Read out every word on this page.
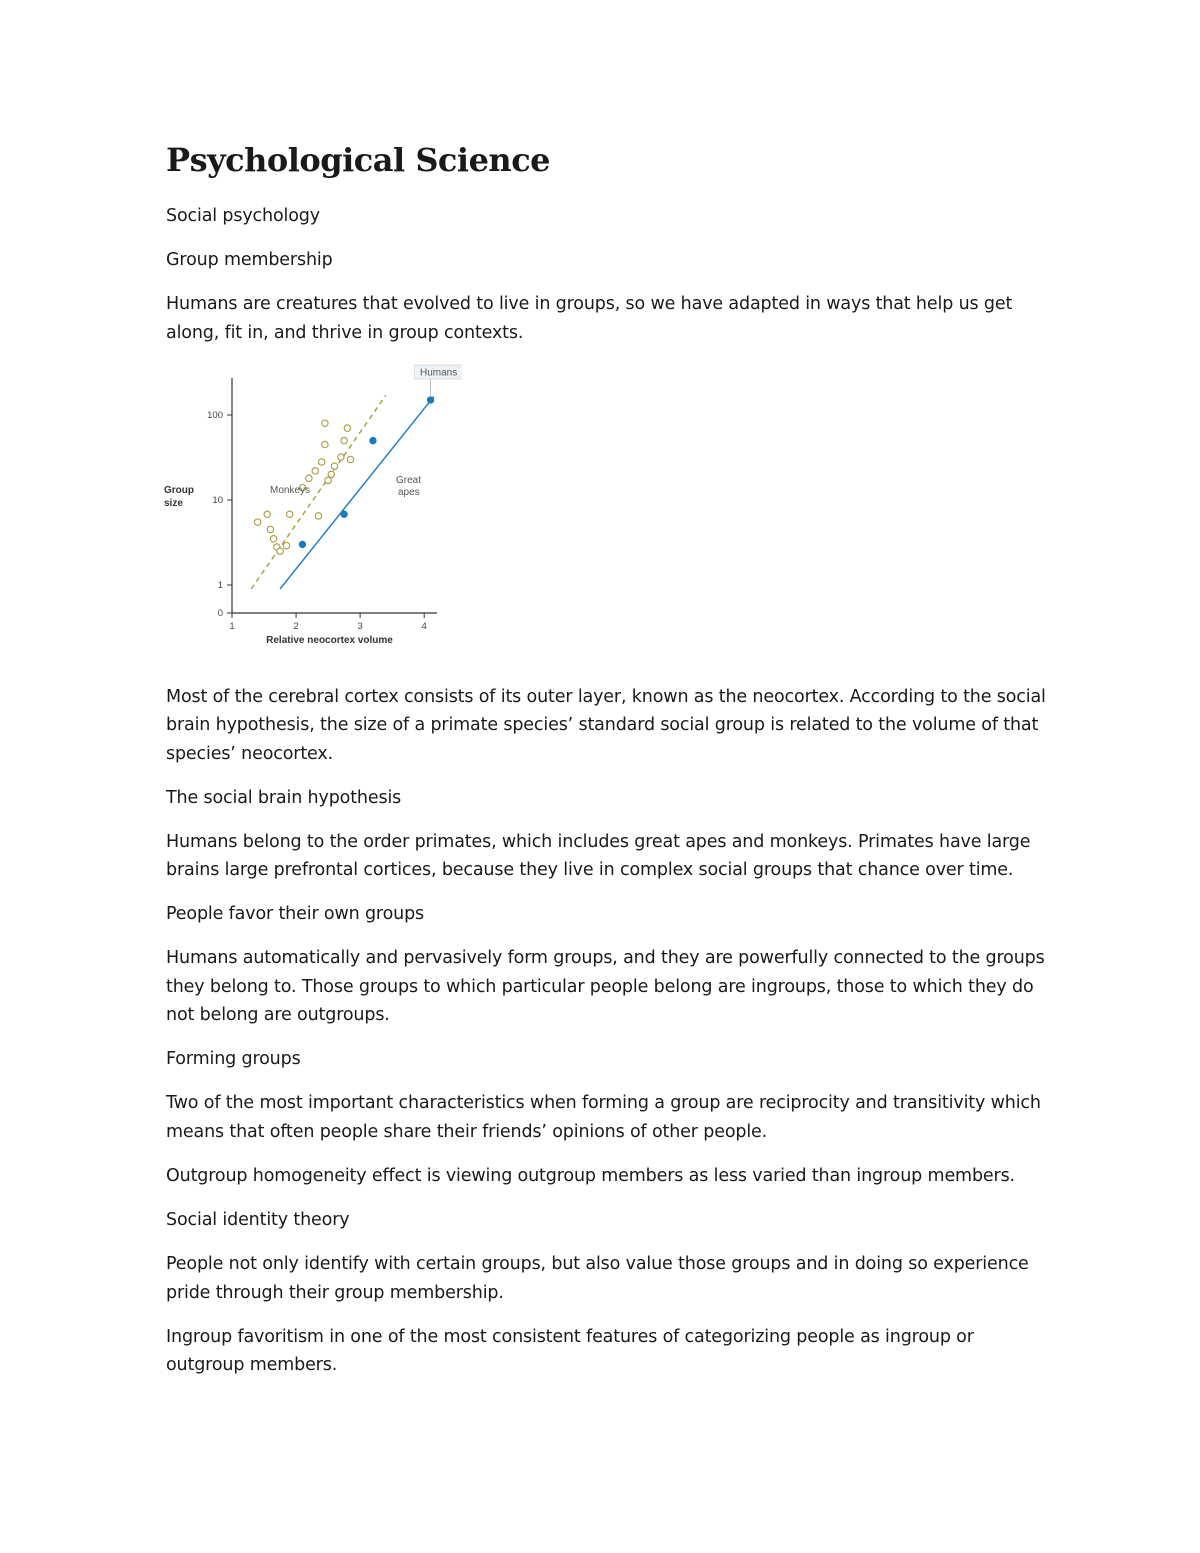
Psychological Science

Social psychology

Group membership

Humans are creatures that evolved to live in groups, so we have adapted in ways that help us get along, fit in, and thrive in group contexts.

0
1
10
100
1	2	3	4
Relative neocortex volume
Group
size
Humans
Monkeys
Great
apes

Most of the cerebral cortex consists of its outer layer, known as the neocortex. According to the social brain hypothesis, the size of a primate species’ standard social group is related to the volume of that species’ neocortex.

The social brain hypothesis

Humans belong to the order primates, which includes great apes and monkeys. Primates have large brains large prefrontal cortices, because they live in complex social groups that chance over time.

People favor their own groups

Humans automatically and pervasively form groups, and they are powerfully connected to the groups they belong to. Those groups to which particular people belong are ingroups, those to which they do not belong are outgroups.

Forming groups

Two of the most important characteristics when forming a group are reciprocity and transitivity which means that often people share their friends’ opinions of other people.

Outgroup homogeneity effect is viewing outgroup members as less varied than ingroup members.

Social identity theory

People not only identify with certain groups, but also value those groups and in doing so experience pride through their group membership.

Ingroup favoritism in one of the most consistent features of categorizing people as ingroup or outgroup members.
